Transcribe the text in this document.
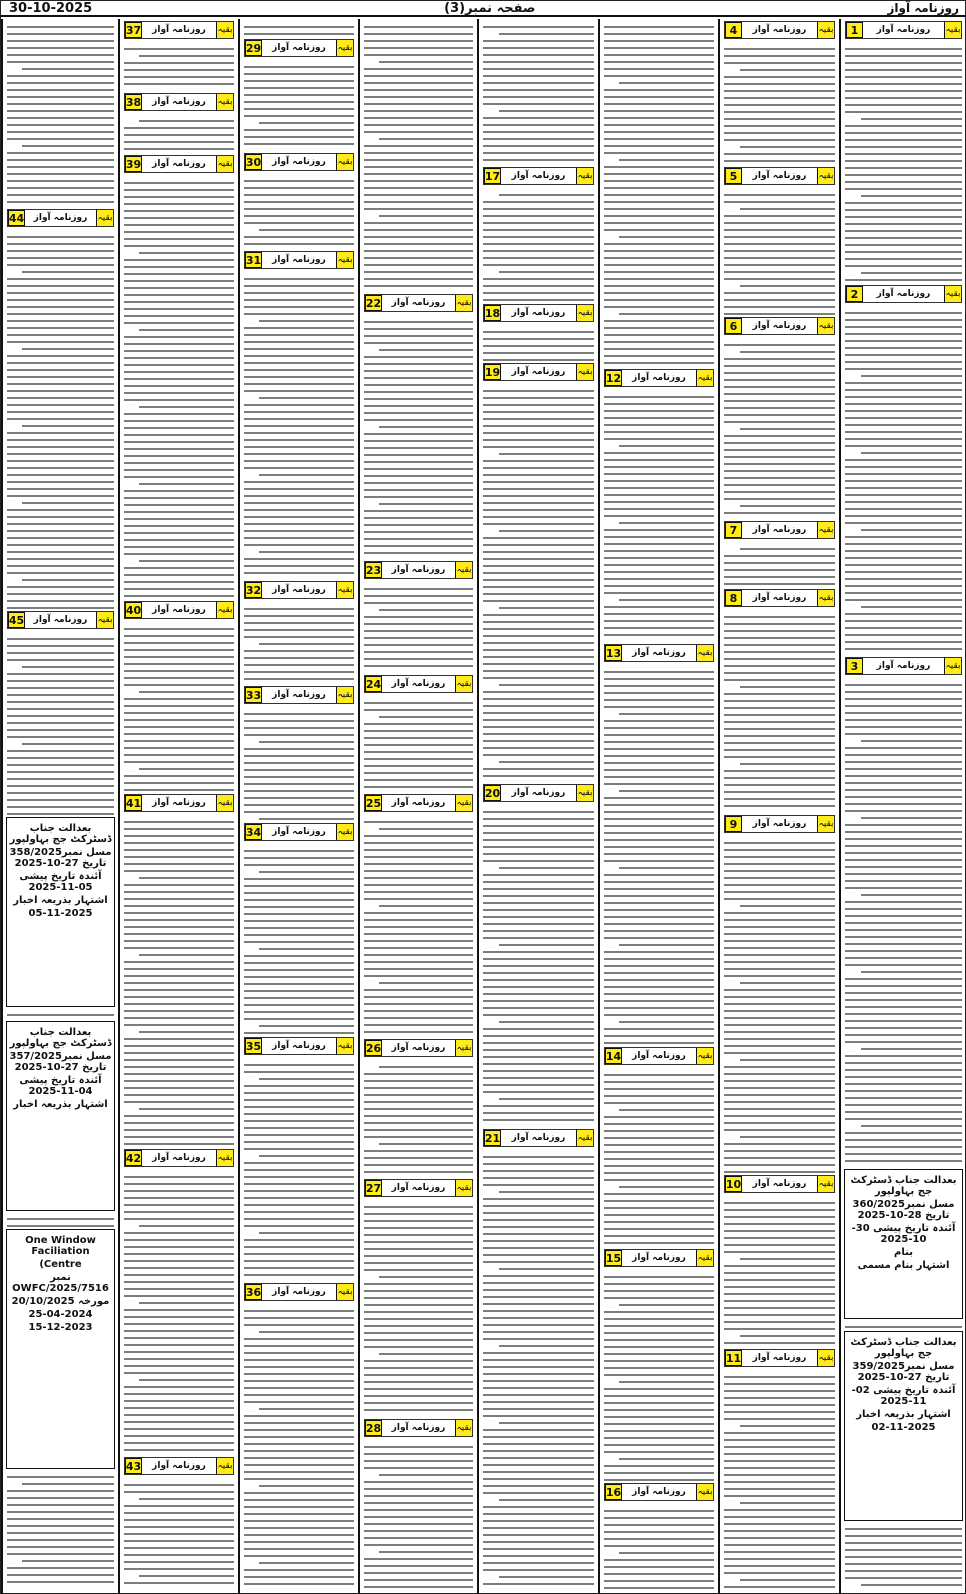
30-10-2025	صفحہ نمبر(3)	روزنامہ آواز
1	روزنامہ آواز	بقیہ
2	روزنامہ آواز	بقیہ
3	روزنامہ آواز	بقیہ
بعدالت جناب ڈسٹرکٹ جج بہاولپور
مسل نمبر360/2025 تاریخ 28-10-2025
آئندہ تاریخ پیشی 30-10-2025
بنام
اشتہار بنام مسمی
بعدالت جناب ڈسٹرکٹ جج بہاولپور
مسل نمبر359/2025 تاریخ 27-10-2025
آئندہ تاریخ پیشی 02-11-2025
اشتہار بذریعہ اخبار
02-11-2025
4	روزنامہ آواز	بقیہ
5	روزنامہ آواز	بقیہ
6	روزنامہ آواز	بقیہ
7	روزنامہ آواز	بقیہ
8	روزنامہ آواز	بقیہ
9	روزنامہ آواز	بقیہ
10	روزنامہ آواز	بقیہ
11	روزنامہ آواز	بقیہ
12	روزنامہ آواز	بقیہ
13	روزنامہ آواز	بقیہ
14	روزنامہ آواز	بقیہ
15	روزنامہ آواز	بقیہ
16	روزنامہ آواز	بقیہ
17	روزنامہ آواز	بقیہ
18	روزنامہ آواز	بقیہ
19	روزنامہ آواز	بقیہ
20	روزنامہ آواز	بقیہ
21	روزنامہ آواز	بقیہ
22	روزنامہ آواز	بقیہ
23	روزنامہ آواز	بقیہ
24	روزنامہ آواز	بقیہ
25	روزنامہ آواز	بقیہ
26	روزنامہ آواز	بقیہ
27	روزنامہ آواز	بقیہ
28	روزنامہ آواز	بقیہ
29	روزنامہ آواز	بقیہ
30	روزنامہ آواز	بقیہ
31	روزنامہ آواز	بقیہ
32	روزنامہ آواز	بقیہ
33	روزنامہ آواز	بقیہ
34	روزنامہ آواز	بقیہ
35	روزنامہ آواز	بقیہ
36	روزنامہ آواز	بقیہ
37	روزنامہ آواز	بقیہ
38	روزنامہ آواز	بقیہ
39	روزنامہ آواز	بقیہ
40	روزنامہ آواز	بقیہ
41	روزنامہ آواز	بقیہ
42	روزنامہ آواز	بقیہ
43	روزنامہ آواز	بقیہ
44	روزنامہ آواز	بقیہ
45	روزنامہ آواز	بقیہ
بعدالت جناب ڈسٹرکٹ جج بہاولپور
مسل نمبر358/2025 تاریخ 27-10-2025
آئندہ تاریخ پیشی 05-11-2025
اشتہار بذریعہ اخبار
05-11-2025
بعدالت جناب ڈسٹرکٹ جج بہاولپور
مسل نمبر357/2025 تاریخ 27-10-2025
آئندہ تاریخ پیشی 04-11-2025
اشتہار بذریعہ اخبار
One Window Faciliation
(Centre
نمبر OWFC/2025/7516
مورخہ 20/10/2025
25-04-2024
15-12-2023
